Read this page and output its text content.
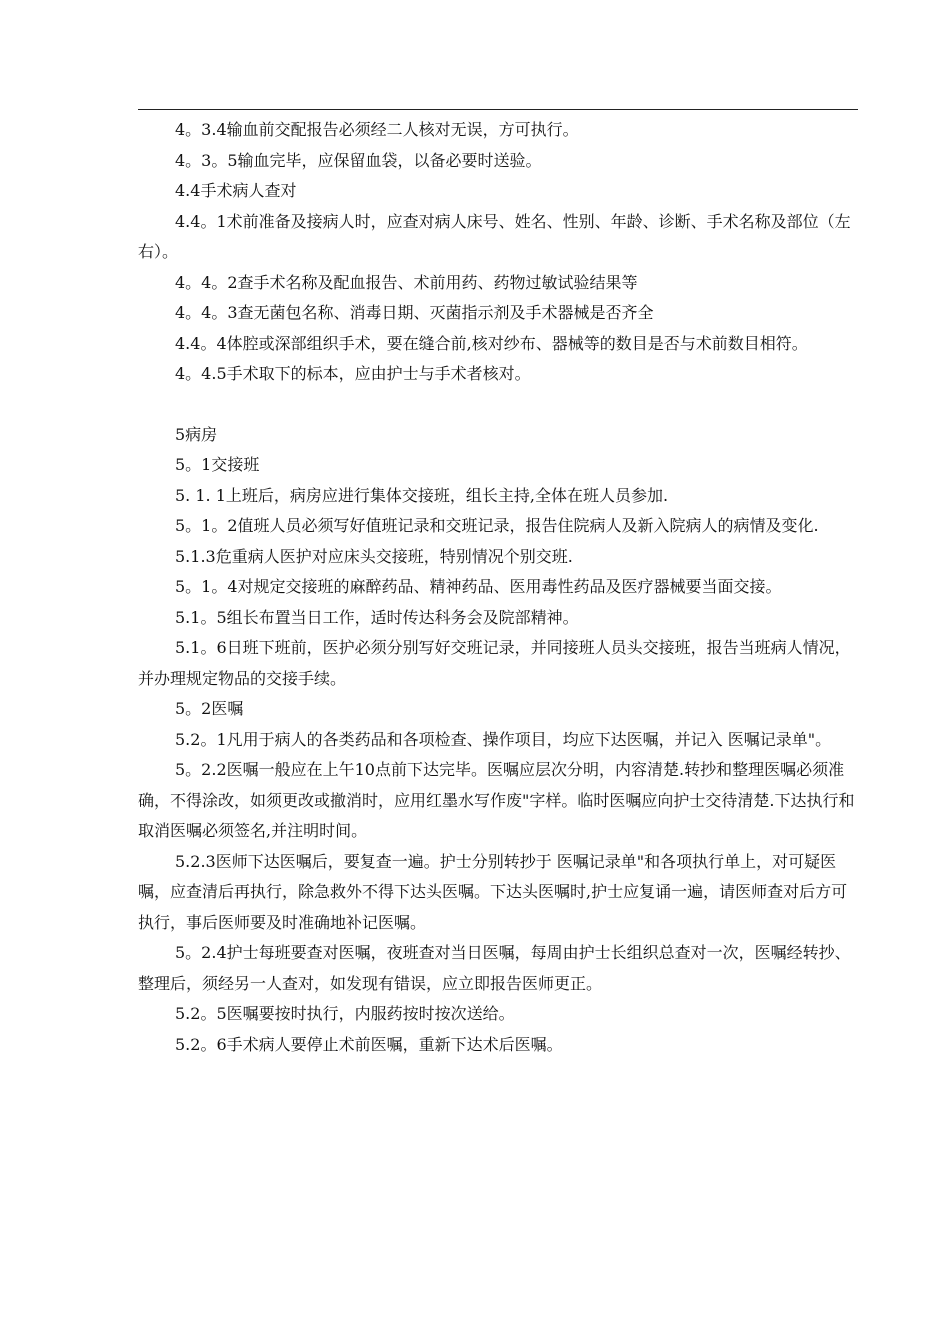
4。3.4输血前交配报告必须经二人核对无误，方可执行。

4。3。5输血完毕，应保留血袋，以备必要时送验。

4.4手术病人查对

4.4。1术前准备及接病人时，应查对病人床号、姓名、性别、年龄、诊断、手术名称及部位（左右）。

4。4。2查手术名称及配血报告、术前用药、药物过敏试验结果等

4。4。3查无菌包名称、消毒日期、灭菌指示剂及手术器械是否齐全

4.4。4体腔或深部组织手术，要在缝合前,核对纱布、器械等的数目是否与术前数目相符。

4。4.5手术取下的标本，应由护士与手术者核对。

5病房

5。1交接班

5. 1. 1上班后，病房应进行集体交接班，组长主持,全体在班人员参加.

5。1。2值班人员必须写好值班记录和交班记录，报告住院病人及新入院病人的病情及变化.

5.1.3危重病人医护对应床头交接班，特别情况个别交班.

5。1。4对规定交接班的麻醉药品、精神药品、医用毒性药品及医疗器械要当面交接。

5.1。5组长布置当日工作，适时传达科务会及院部精神。

5.1。6日班下班前，医护必须分别写好交班记录，并同接班人员头交接班，报告当班病人情况，并办理规定物品的交接手续。

5。2医嘱

5.2。1凡用于病人的各类药品和各项检查、操作项目，均应下达医嘱，并记入 医嘱记录单"。

5。2.2医嘱一般应在上午10点前下达完毕。医嘱应层次分明，内容清楚.转抄和整理医嘱必须准确，不得涂改，如须更改或撤消时，应用红墨水写作废"字样。临时医嘱应向护士交待清楚.下达执行和取消医嘱必须签名,并注明时间。

5.2.3医师下达医嘱后，要复查一遍。护士分别转抄于 医嘱记录单"和各项执行单上，对可疑医嘱，应查清后再执行，除急救外不得下达头医嘱。下达头医嘱时,护士应复诵一遍，请医师查对后方可执行，事后医师要及时准确地补记医嘱。

5。2.4护士每班要查对医嘱，夜班查对当日医嘱，每周由护士长组织总查对一次，医嘱经转抄、整理后，须经另一人查对，如发现有错误，应立即报告医师更正。

5.2。5医嘱要按时执行，内服药按时按次送给。

5.2。6手术病人要停止术前医嘱，重新下达术后医嘱。
